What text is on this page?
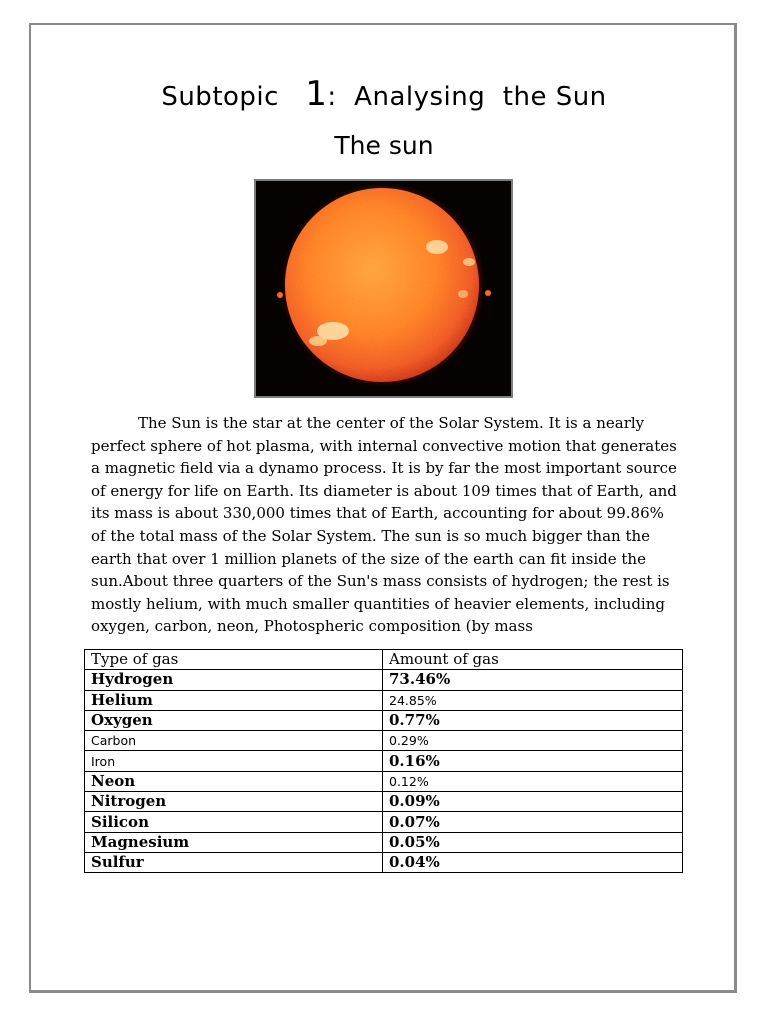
Subtopic 1:  Analysing  the Sun
The sun

The Sun is the star at the center of the Solar System. It is a nearly perfect sphere of hot plasma, with internal convective motion that generates a magnetic field via a dynamo process. It is by far the most important source of energy for life on Earth. Its diameter is about 109 times that of Earth, and its mass is about 330,000 times that of Earth, accounting for about 99.86% of the total mass of the Solar System. The sun is so much bigger than the earth that over 1 million planets of the size of the earth can fit inside the sun.About three quarters of the Sun's mass consists of hydrogen; the rest is mostly helium, with much smaller quantities of heavier elements, including oxygen, carbon, neon, Photospheric composition (by mass

Type of gas	Amount of gas
Hydrogen	73.46%
Helium	24.85%
Oxygen	0.77%
Carbon	0.29%
Iron	0.16%
Neon	0.12%
Nitrogen	0.09%
Silicon	0.07%
Magnesium	0.05%
Sulfur	0.04%
